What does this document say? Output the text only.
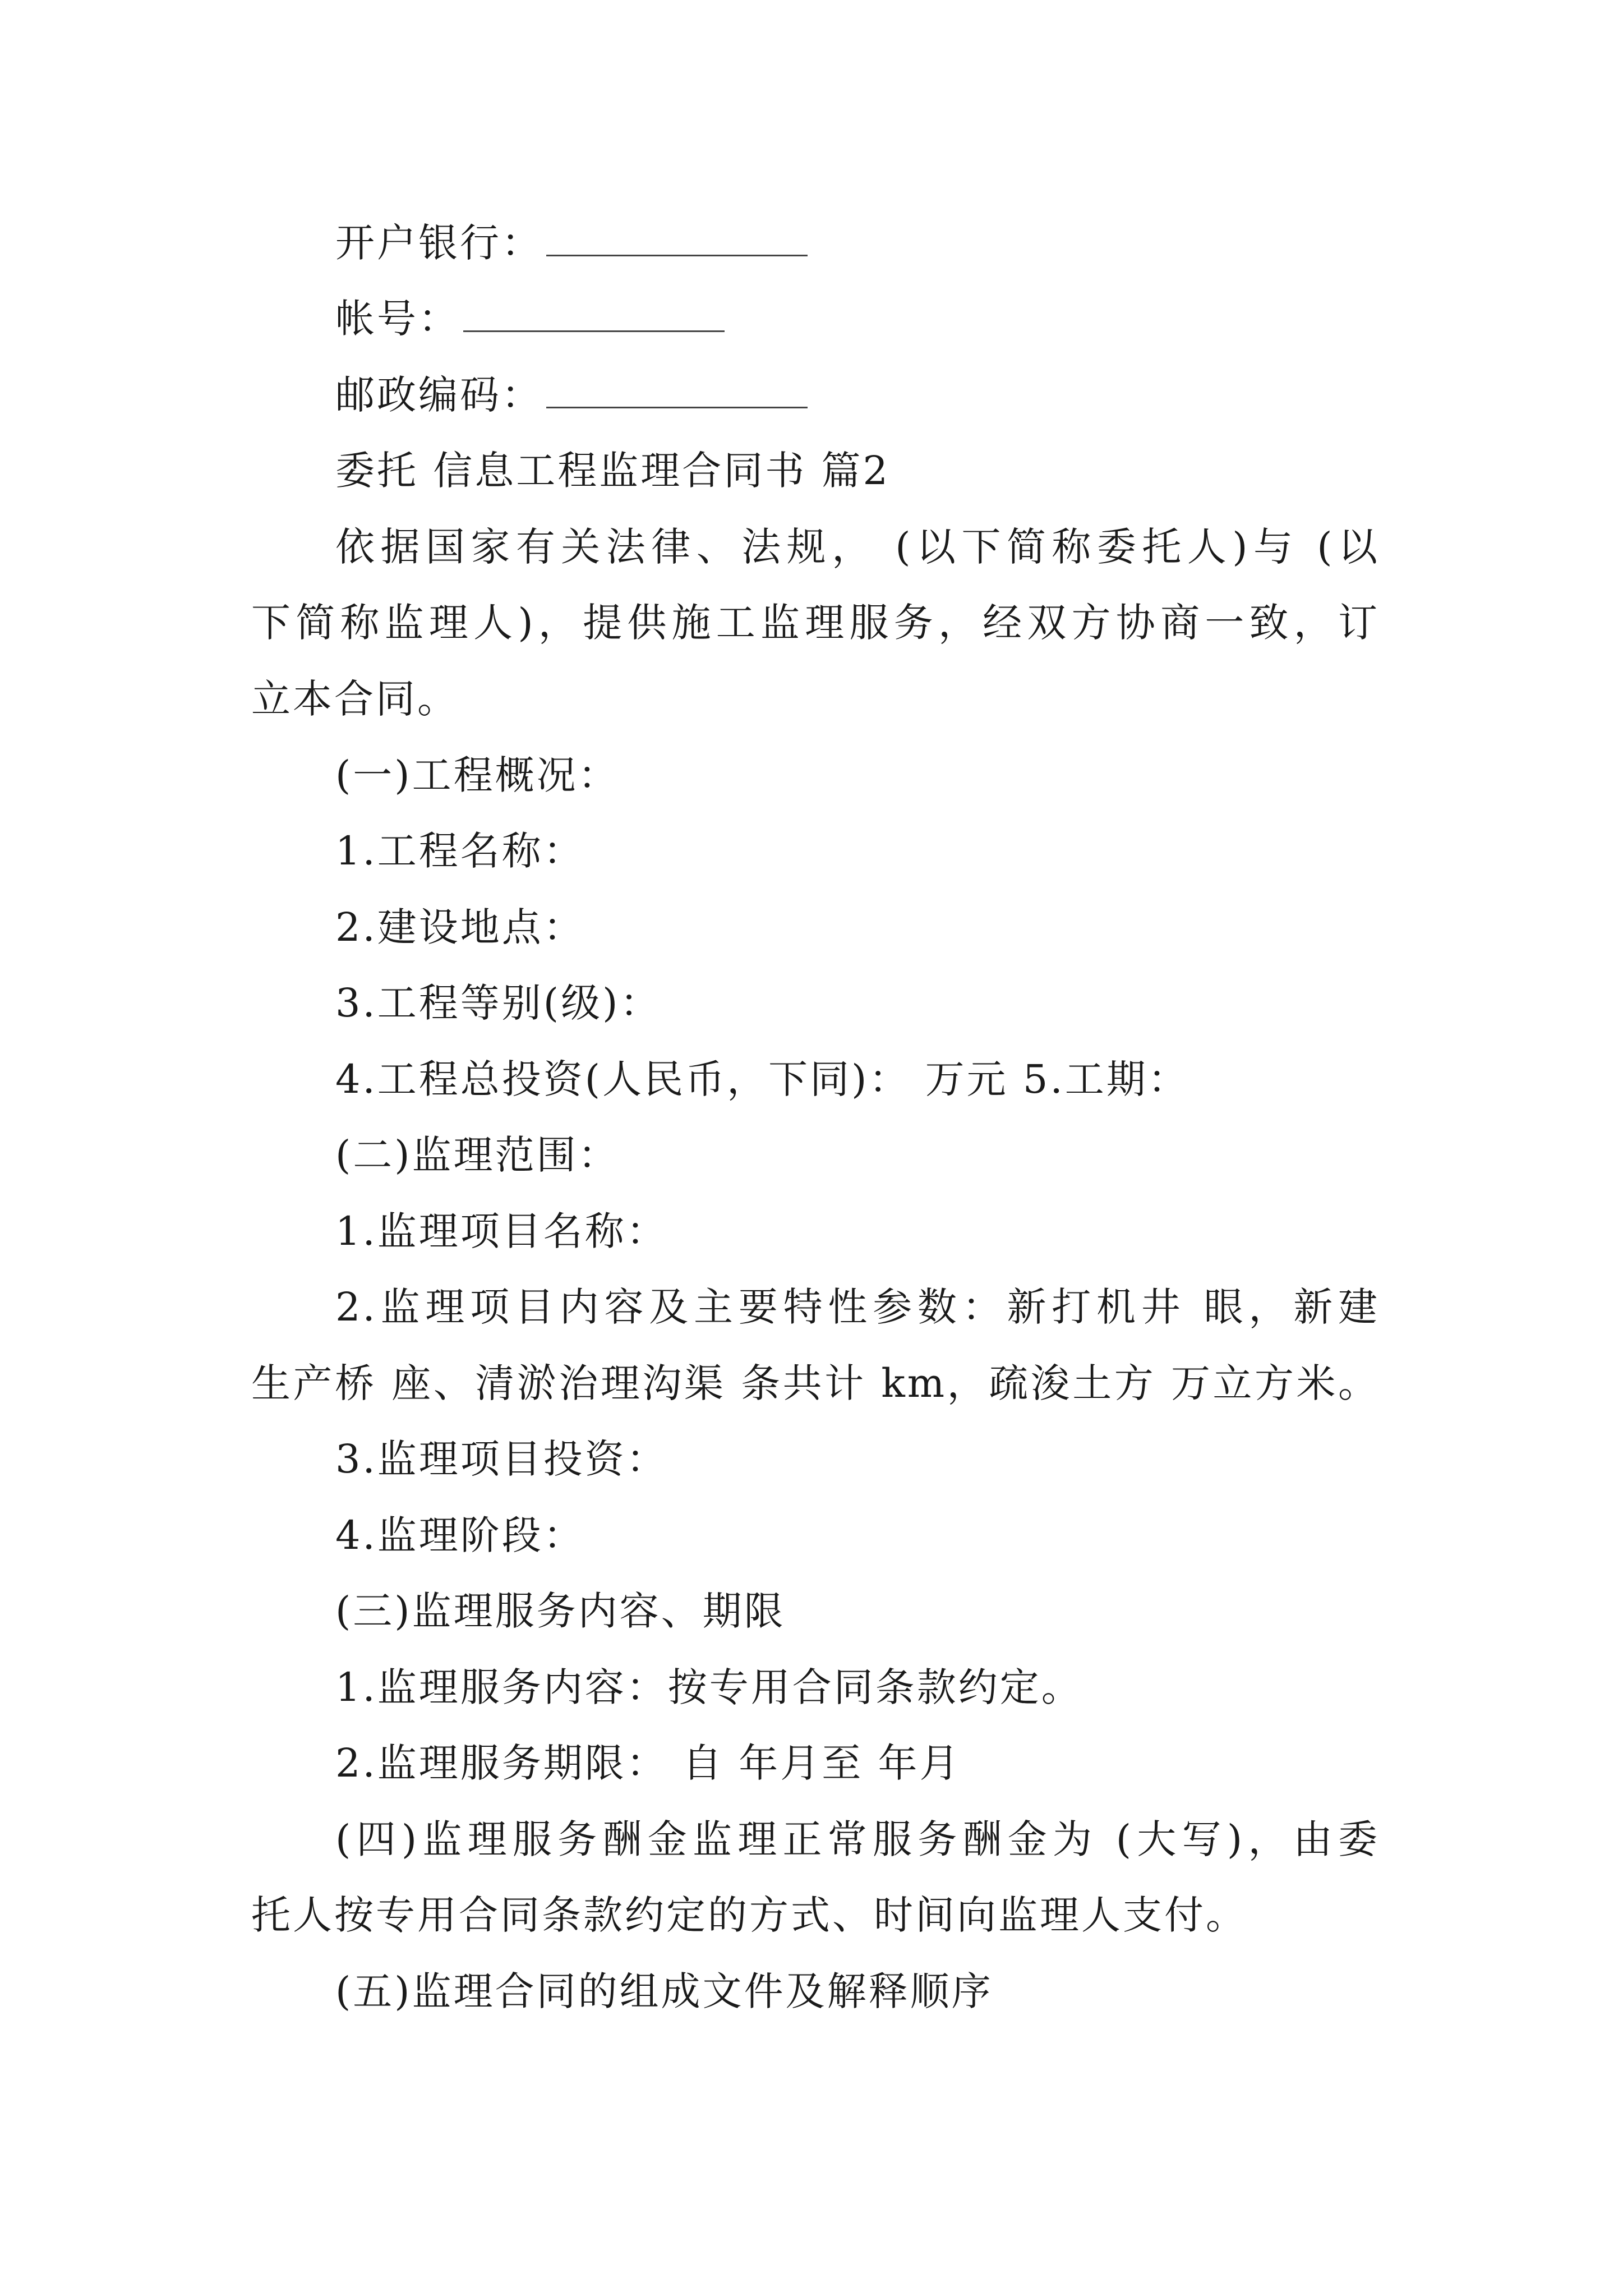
开户银行：
帐号：
邮政编码：
委托 信息工程监理合同书 篇2
依据国家有关法律、法规， (以下简称委托人)与 (以
下简称监理人)，提供施工监理服务，经双方协商一致，订
立本合同。
(一)工程概况：
1.工程名称：
2.建设地点：
3.工程等别(级)：
4.工程总投资(人民币，下同)： 万元 5.工期：
(二)监理范围：
1.监理项目名称：
2.监理项目内容及主要特性参数：新打机井 眼，新建
生产桥 座、清淤治理沟渠 条共计 km，疏浚土方 万立方米。
3.监理项目投资：
4.监理阶段：
(三)监理服务内容、期限
1.监理服务内容：按专用合同条款约定。
2.监理服务期限： 自 年月至 年月
(四)监理服务酬金监理正常服务酬金为 (大写)，由委
托人按专用合同条款约定的方式、时间向监理人支付。
(五)监理合同的组成文件及解释顺序
